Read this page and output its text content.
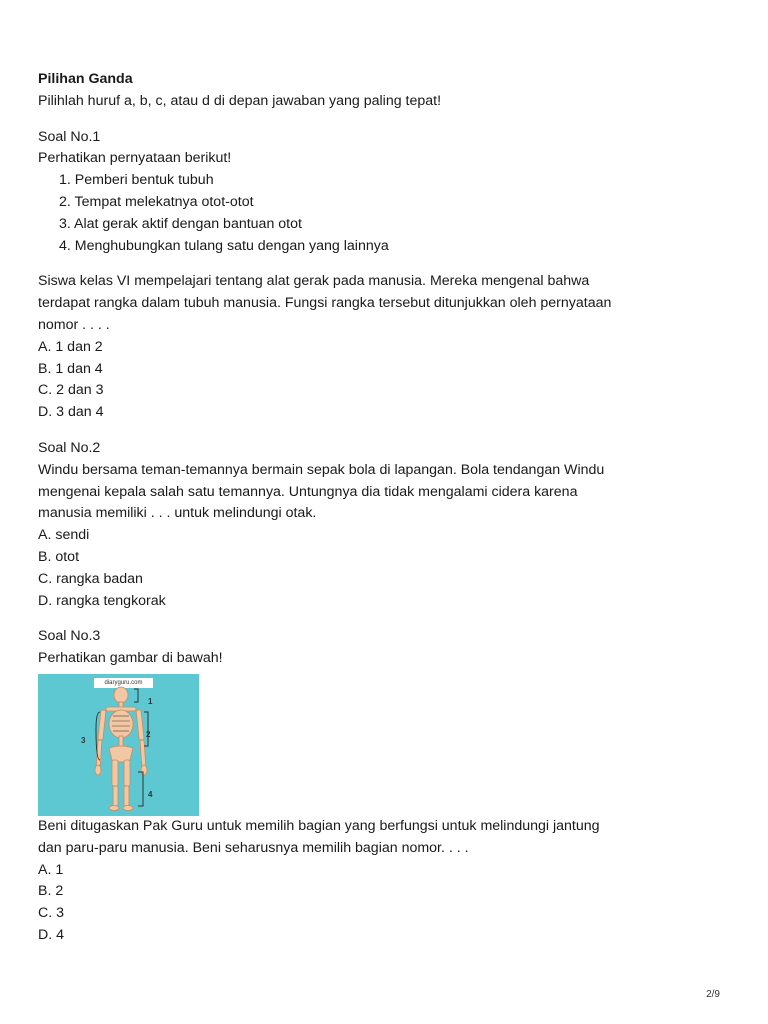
Pilihan Ganda
Pilihlah huruf a, b, c, atau d di depan jawaban yang paling tepat!
Soal No.1
Perhatikan pernyataan berikut!
1. Pemberi bentuk tubuh
2. Tempat melekatnya otot-otot
3. Alat gerak aktif dengan bantuan otot
4. Menghubungkan tulang satu dengan yang lainnya
Siswa kelas VI mempelajari tentang alat gerak pada manusia. Mereka mengenal bahwa
terdapat rangka dalam tubuh manusia. Fungsi rangka tersebut ditunjukkan oleh pernyataan
nomor . . . .
A. 1 dan 2
B. 1 dan 4
C. 2 dan 3
D. 3 dan 4
Soal No.2
Windu bersama teman-temannya bermain sepak bola di lapangan. Bola tendangan Windu
mengenai kepala salah satu temannya. Untungnya dia tidak mengalami cidera karena
manusia memiliki . . . untuk melindungi otak.
A. sendi
B. otot
C. rangka badan
D. rangka tengkorak
Soal No.3
Perhatikan gambar di bawah!
diaryguru.com
1
2
3
4
Beni ditugaskan Pak Guru untuk memilih bagian yang berfungsi untuk melindungi jantung
dan paru-paru manusia. Beni seharusnya memilih bagian nomor. . . .
A. 1
B. 2
C. 3
D. 4
2/9
